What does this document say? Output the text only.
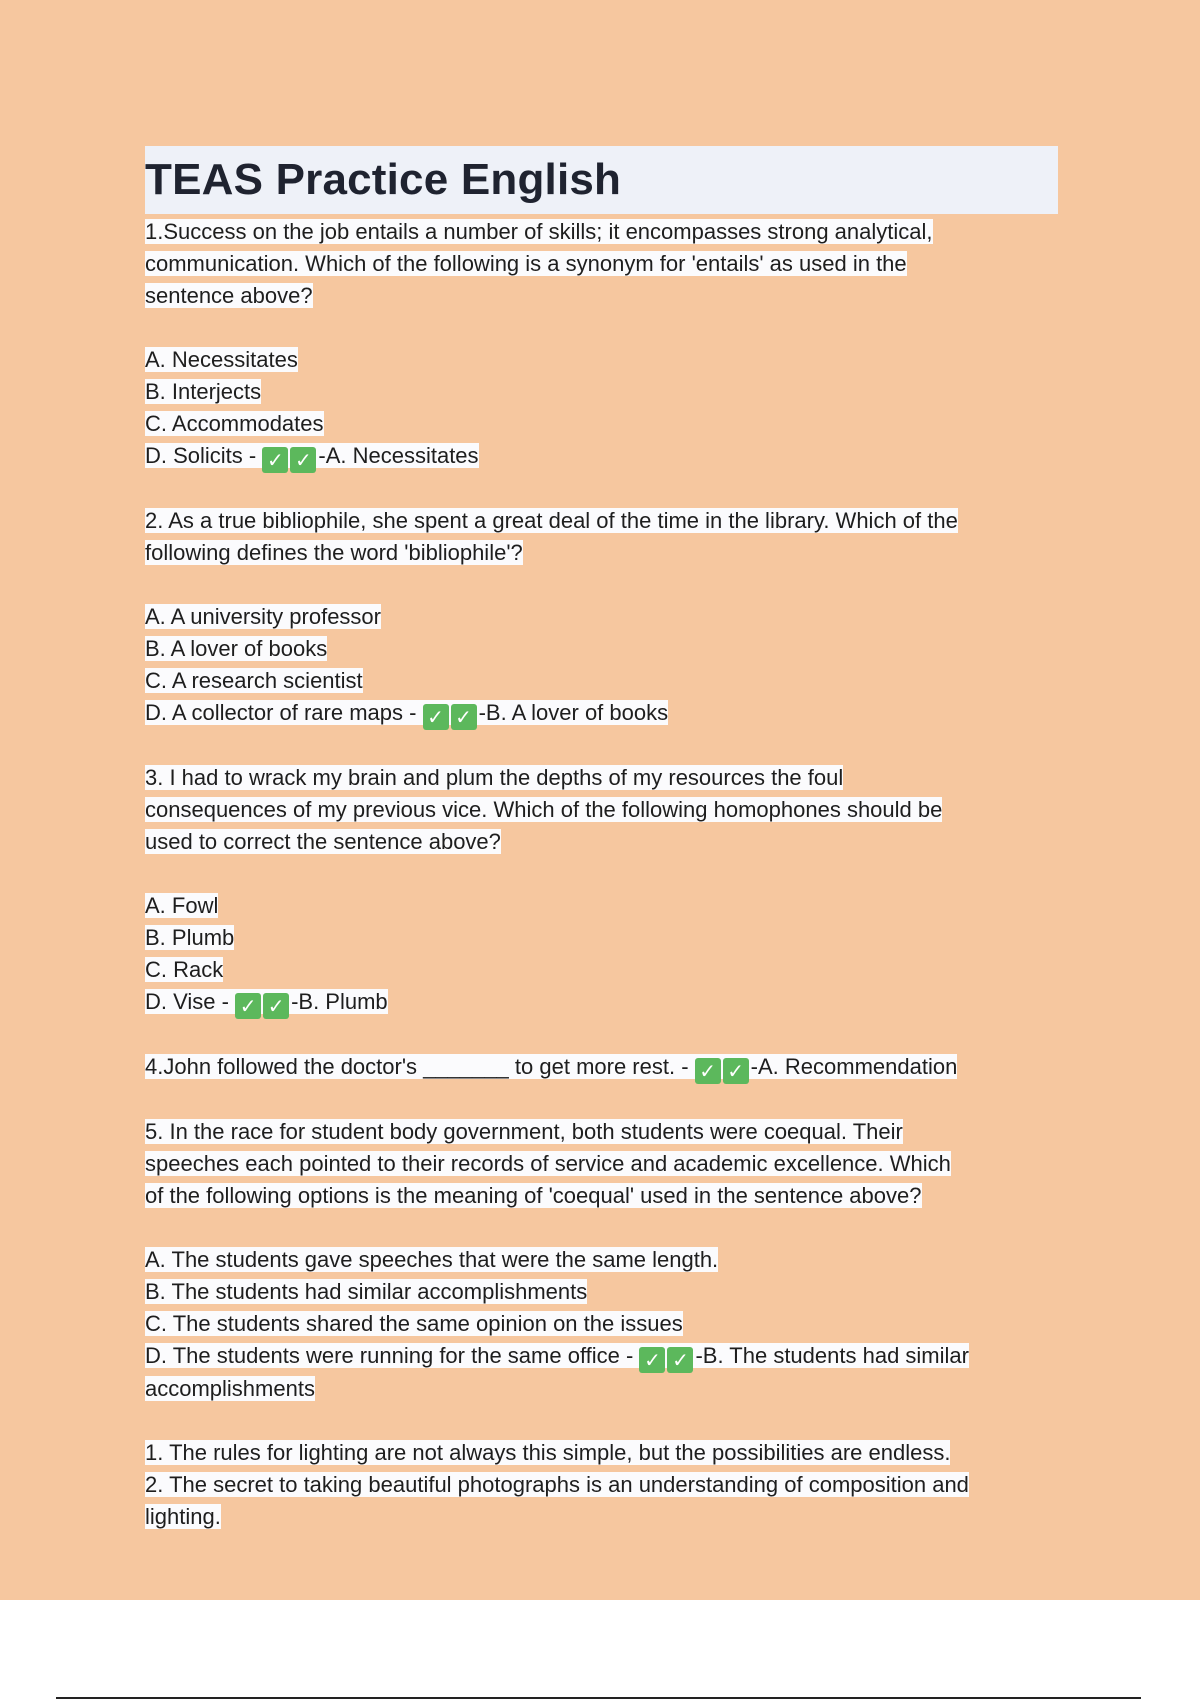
TEAS Practice English
1.Success on the job entails a number of skills; it encompasses strong analytical,
communication. Which of the following is a synonym for 'entails' as used in the
sentence above?
A. Necessitates
B. Interjects
C. Accommodates
D. Solicits - ✓ ✓ -A. Necessitates
2. As a true bibliophile, she spent a great deal of the time in the library. Which of the
following defines the word 'bibliophile'?
A. A university professor
B. A lover of books
C. A research scientist
D. A collector of rare maps - ✓ ✓ -B. A lover of books
3. I had to wrack my brain and plum the depths of my resources the foul
consequences of my previous vice. Which of the following homophones should be
used to correct the sentence above?
A. Fowl
B. Plumb
C. Rack
D. Vise - ✓ ✓ -B. Plumb
4.John followed the doctor's _______ to get more rest. - ✓ ✓ -A. Recommendation
5. In the race for student body government, both students were coequal. Their
speeches each pointed to their records of service and academic excellence. Which
of the following options is the meaning of 'coequal' used in the sentence above?
A. The students gave speeches that were the same length.
B. The students had similar accomplishments
C. The students shared the same opinion on the issues
D. The students were running for the same office - ✓ ✓ -B. The students had similar
accomplishments
1. The rules for lighting are not always this simple, but the possibilities are endless.
2. The secret to taking beautiful photographs is an understanding of composition and
lighting.
